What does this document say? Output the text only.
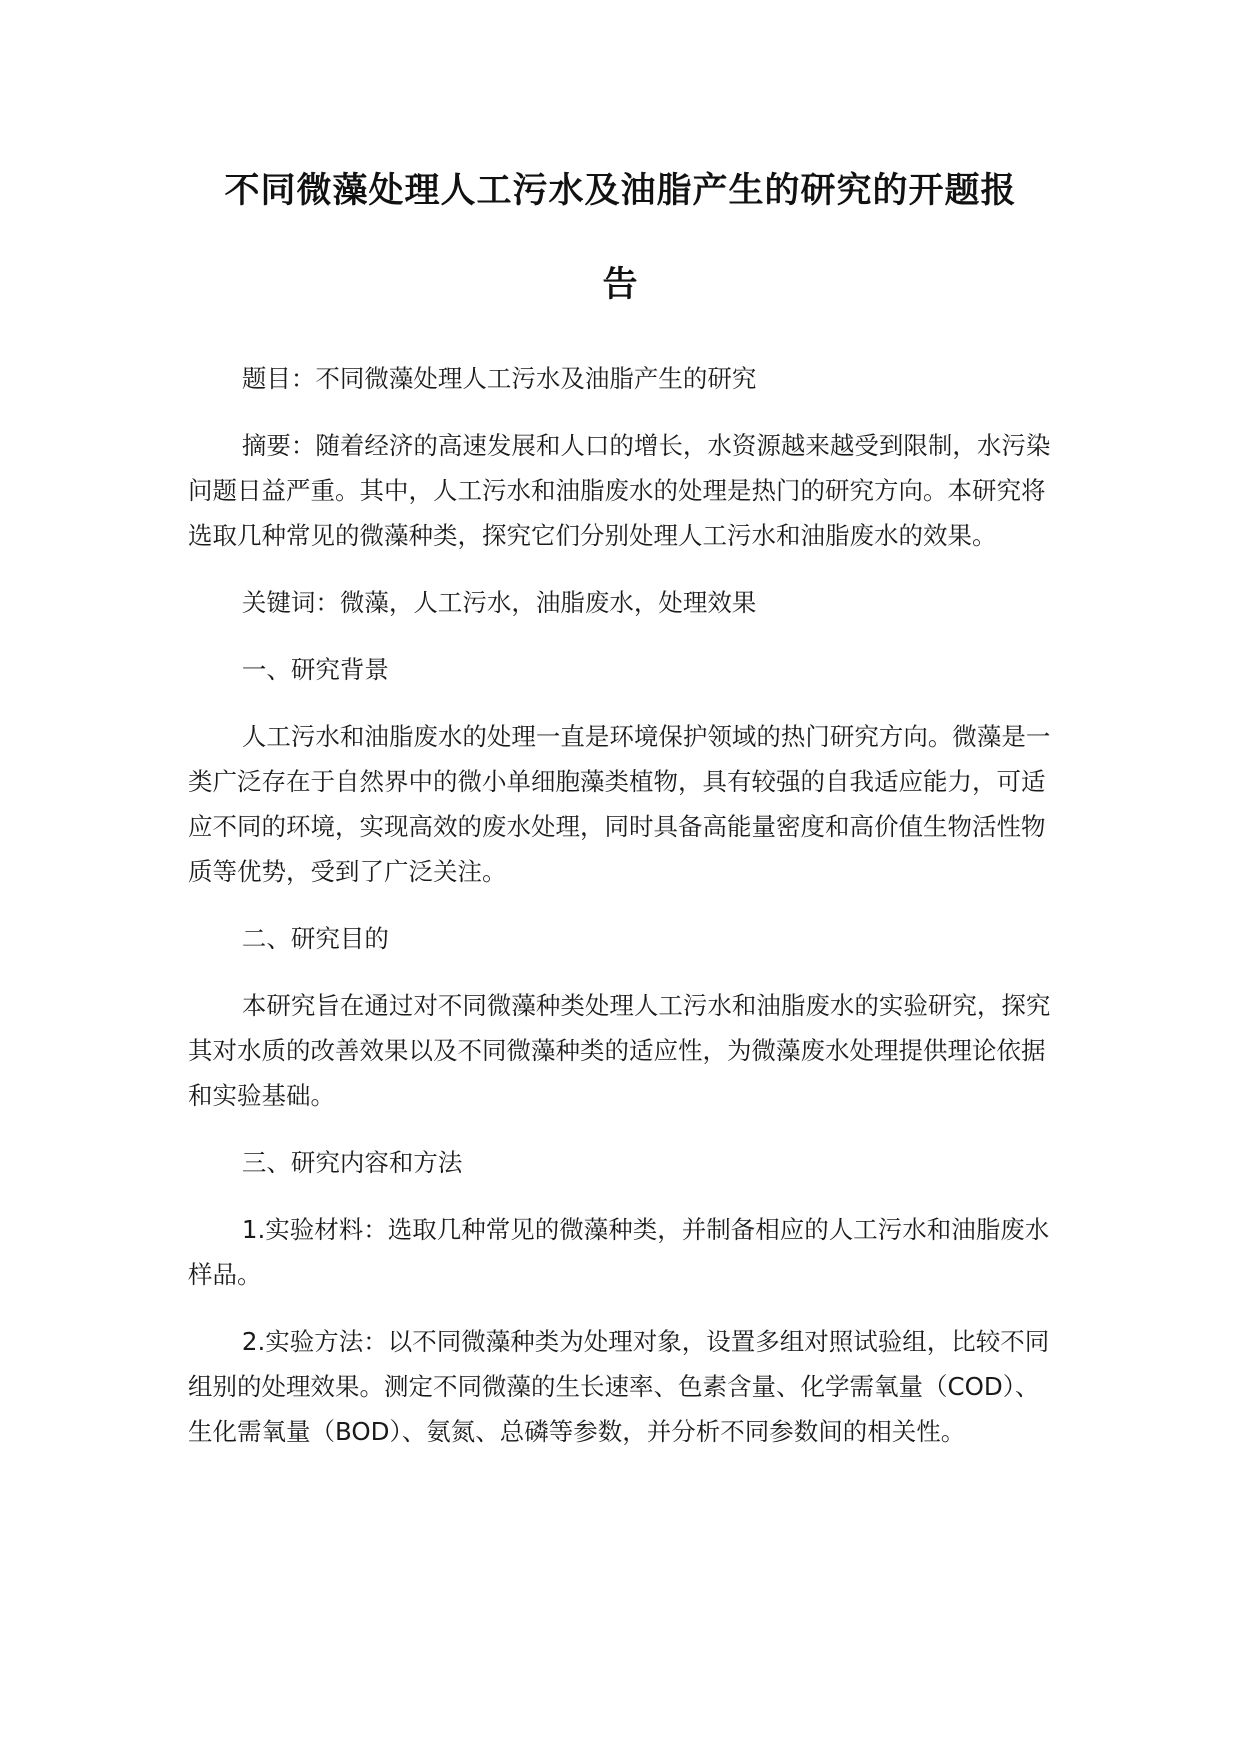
不同微藻处理人工污水及油脂产生的研究的开题报
告

题目：不同微藻处理人工污水及油脂产生的研究

摘要：随着经济的高速发展和人口的增长，水资源越来越受到限制，水污染问题日益严重。其中，人工污水和油脂废水的处理是热门的研究方向。本研究将选取几种常见的微藻种类，探究它们分别处理人工污水和油脂废水的效果。

关键词：微藻，人工污水，油脂废水，处理效果

一、研究背景

人工污水和油脂废水的处理一直是环境保护领域的热门研究方向。微藻是一类广泛存在于自然界中的微小单细胞藻类植物，具有较强的自我适应能力，可适应不同的环境，实现高效的废水处理，同时具备高能量密度和高价值生物活性物质等优势，受到了广泛关注。

二、研究目的

本研究旨在通过对不同微藻种类处理人工污水和油脂废水的实验研究，探究其对水质的改善效果以及不同微藻种类的适应性，为微藻废水处理提供理论依据和实验基础。

三、研究内容和方法

1.实验材料：选取几种常见的微藻种类，并制备相应的人工污水和油脂废水样品。

2.实验方法：以不同微藻种类为处理对象，设置多组对照试验组，比较不同组别的处理效果。测定不同微藻的生长速率、色素含量、化学需氧量（COD）、生化需氧量（BOD）、氨氮、总磷等参数，并分析不同参数间的相关性。
